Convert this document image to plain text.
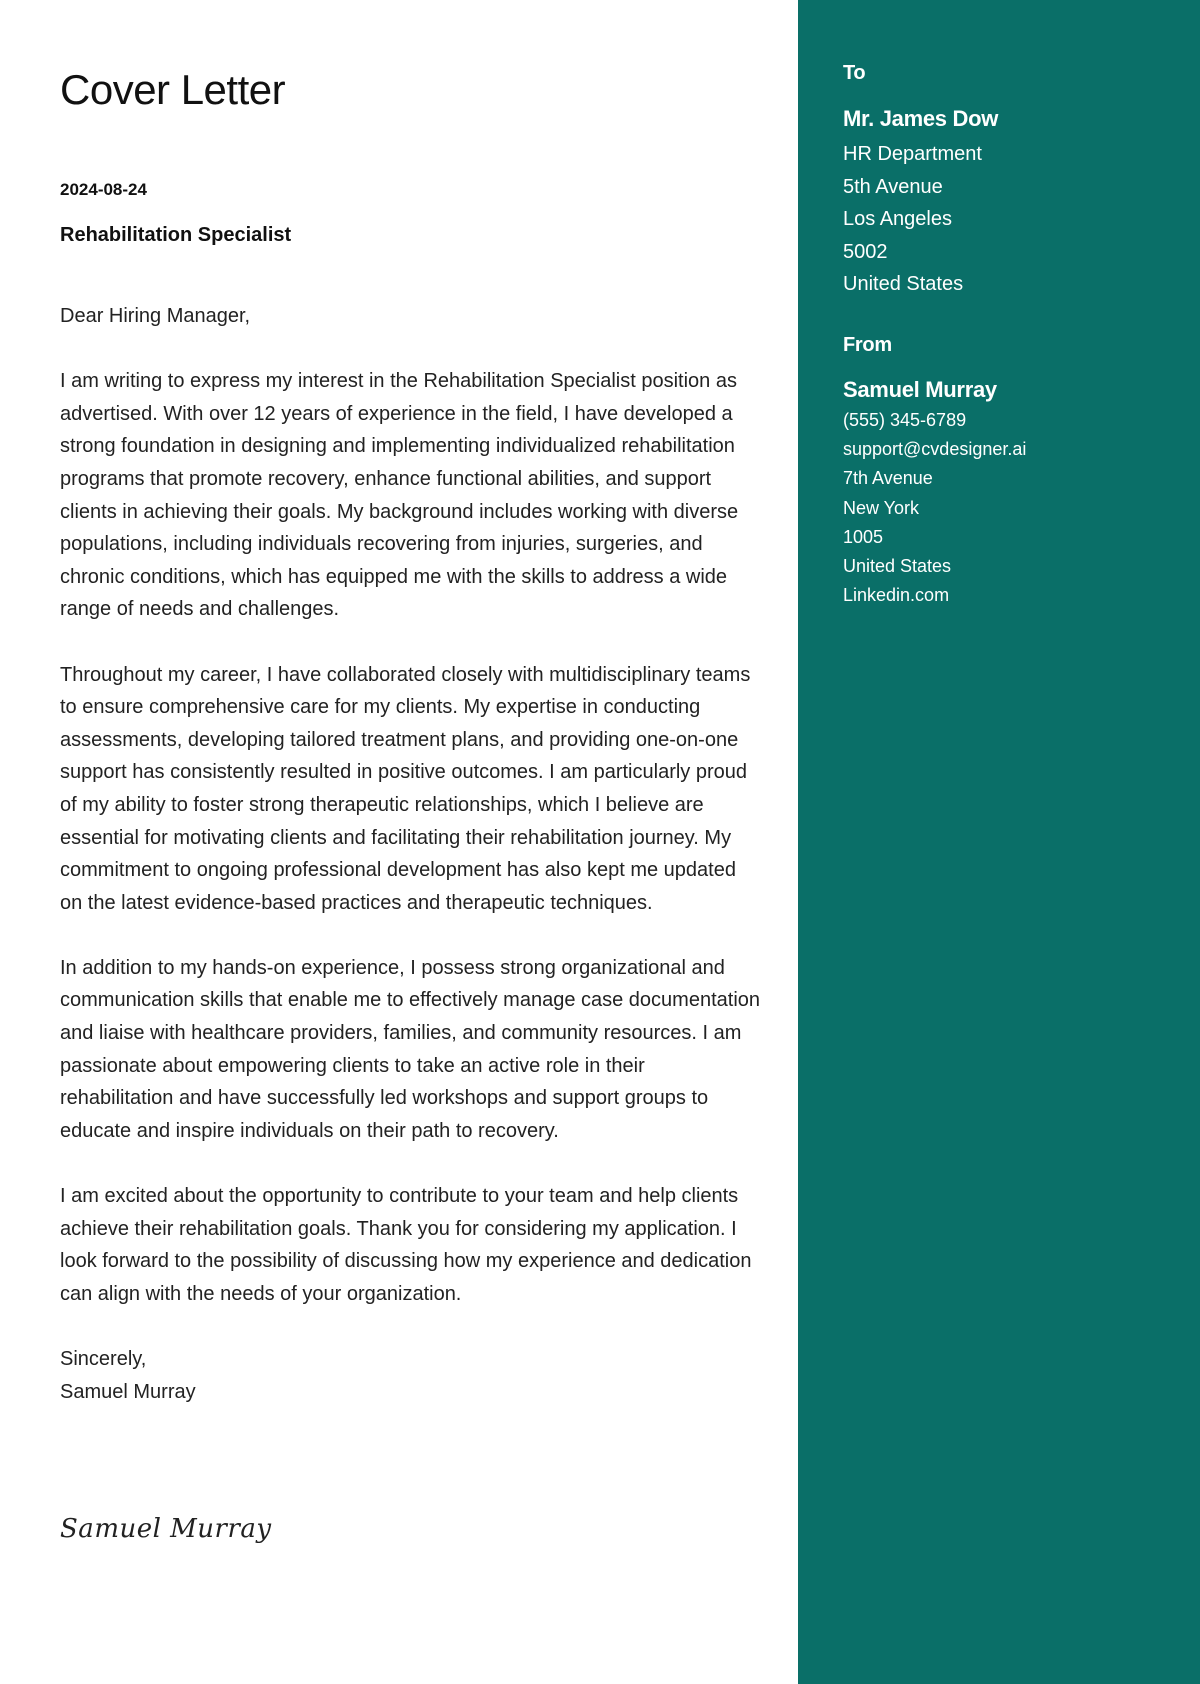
Cover Letter
2024-08-24
Rehabilitation Specialist

Dear Hiring Manager,

I am writing to express my interest in the Rehabilitation Specialist position as advertised. With over 12 years of experience in the field, I have developed a strong foundation in designing and implementing individualized rehabilitation programs that promote recovery, enhance functional abilities, and support clients in achieving their goals. My background includes working with diverse populations, including individuals recovering from injuries, surgeries, and chronic conditions, which has equipped me with the skills to address a wide range of needs and challenges.

Throughout my career, I have collaborated closely with multidisciplinary teams to ensure comprehensive care for my clients. My expertise in conducting assessments, developing tailored treatment plans, and providing one-on-one support has consistently resulted in positive outcomes. I am particularly proud of my ability to foster strong therapeutic relationships, which I believe are essential for motivating clients and facilitating their rehabilitation journey. My commitment to ongoing professional development has also kept me updated on the latest evidence-based practices and therapeutic techniques.

In addition to my hands-on experience, I possess strong organizational and communication skills that enable me to effectively manage case documentation and liaise with healthcare providers, families, and community resources. I am passionate about empowering clients to take an active role in their rehabilitation and have successfully led workshops and support groups to educate and inspire individuals on their path to recovery.

I am excited about the opportunity to contribute to your team and help clients achieve their rehabilitation goals. Thank you for considering my application. I look forward to the possibility of discussing how my experience and dedication can align with the needs of your organization.

Sincerely,
Samuel Murray
Samuel Murray
To
Mr. James Dow
HR Department
5th Avenue
Los Angeles
5002
United States
From
Samuel Murray
(555) 345-6789
support@cvdesigner.ai
7th Avenue
New York
1005
United States
Linkedin.com
